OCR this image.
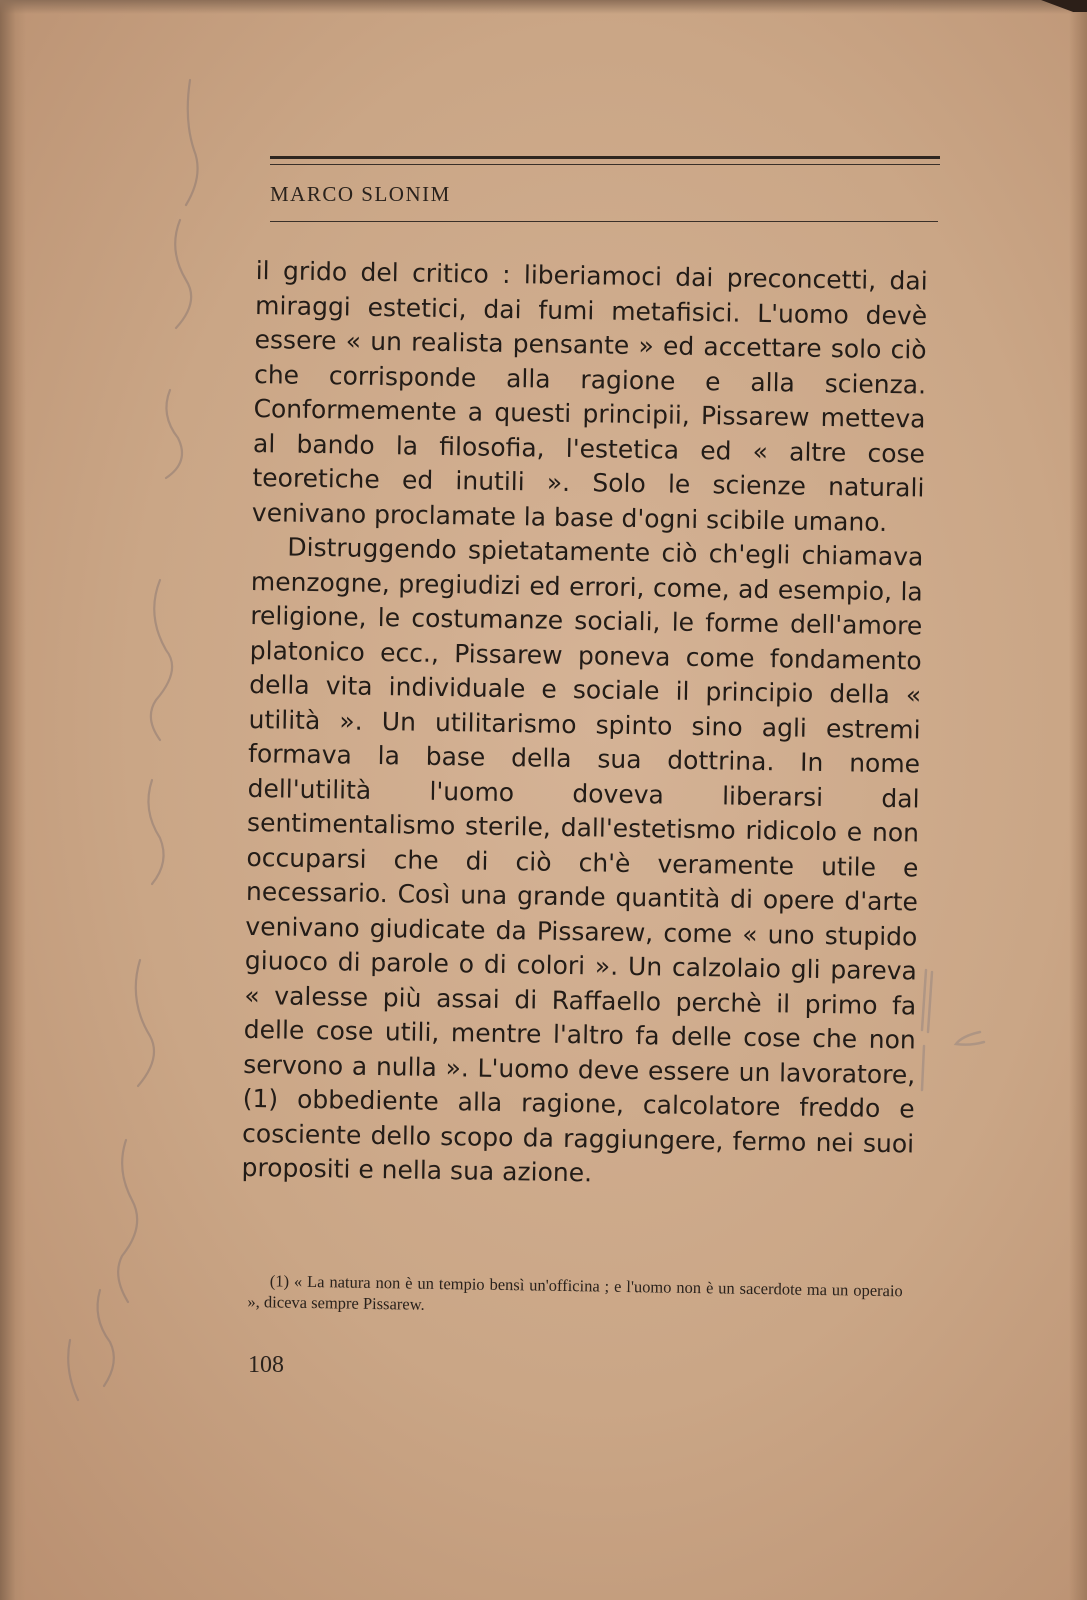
MARCO SLONIM

il grido del critico : liberiamoci dai preconcetti, dai miraggi estetici, dai fumi metafisici. L'uomo devè essere « un realista pensante » ed accettare solo ciò che corrisponde alla ragione e alla scienza. Conformemente a questi principii, Pissarew metteva al bando la filosofia, l'estetica ed « altre cose teoretiche ed inutili ». Solo le scienze naturali venivano proclamate la base d'ogni scibile umano.

Distruggendo spietatamente ciò ch'egli chiamava menzogne, pregiudizi ed errori, come, ad esempio, la religione, le costumanze sociali, le forme dell'amore platonico ecc., Pissarew poneva come fondamento della vita individuale e sociale il principio della « utilità ». Un utilitarismo spinto sino agli estremi formava la base della sua dottrina. In nome dell'utilità l'uomo doveva liberarsi dal sentimentalismo sterile, dall'estetismo ridicolo e non occuparsi che di ciò ch'è veramente utile e necessario. Così una grande quantità di opere d'arte venivano giudicate da Pissarew, come « uno stupido giuoco di parole o di colori ». Un calzolaio gli pareva « valesse più assai di Raffaello perchè il primo fa delle cose utili, mentre l'altro fa delle cose che non servono a nulla ». L'uomo deve essere un lavoratore, (1) obbediente alla ragione, calcolatore freddo e cosciente dello scopo da raggiungere, fermo nei suoi propositi e nella sua azione.

(1) « La natura non è un tempio bensì un'officina ; e l'uomo non è un sacerdote ma un operaio », diceva sempre Pissarew.

108
